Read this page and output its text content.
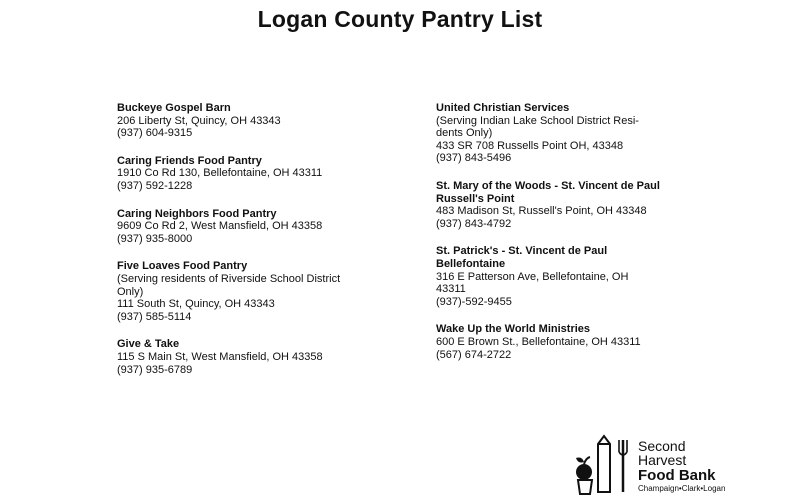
Logan County Pantry List
Buckeye Gospel Barn
206 Liberty St, Quincy, OH 43343
(937) 604-9315
Caring Friends Food Pantry
1910 Co Rd 130, Bellefontaine, OH 43311
(937) 592-1228
Caring Neighbors Food Pantry
9609 Co Rd 2, West Mansfield, OH 43358
(937) 935-8000
Five Loaves Food Pantry
(Serving residents of Riverside School District
Only)
111 South St, Quincy, OH 43343
(937) 585-5114
Give & Take
115 S Main St, West Mansfield, OH 43358
(937) 935-6789
United Christian Services
(Serving Indian Lake School District Resi-
dents Only)
433 SR 708 Russells Point OH, 43348
(937) 843-5496
St. Mary of the Woods - St. Vincent de Paul Russell's Point
483 Madison St, Russell's Point, OH 43348
(937) 843-4792
St. Patrick's - St. Vincent de Paul Bellefontaine
316 E Patterson Ave, Bellefontaine, OH
43311
(937)-592-9455
Wake Up the World Ministries
600 E Brown St., Bellefontaine, OH 43311
(567) 674-2722
Second
Harvest
Food Bank
Champaign•Clark•Logan
